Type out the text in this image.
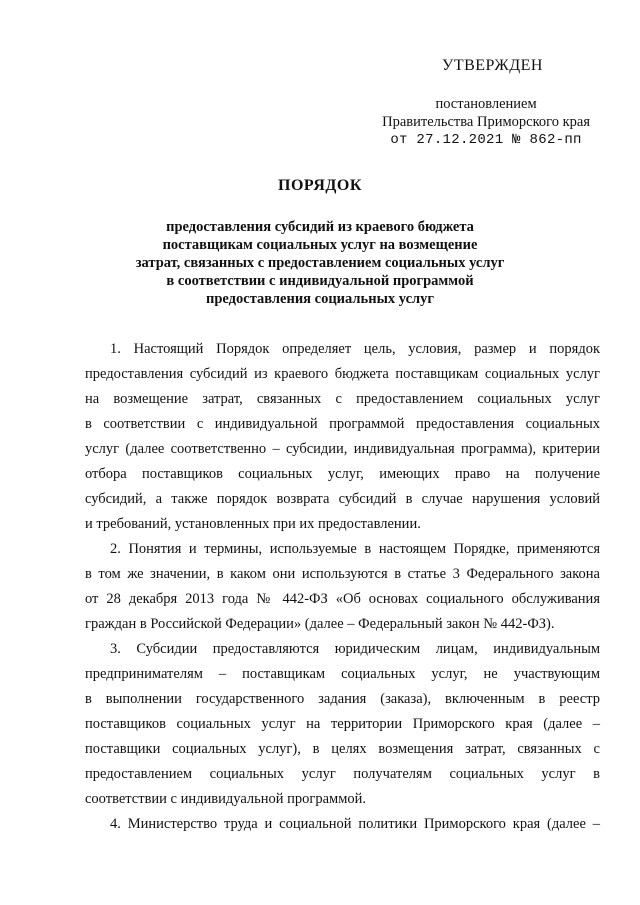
УТВЕРЖДЕН
постановлением
Правительства Приморского края
от 27.12.2021 № 862-пп
ПОРЯДОК
предоставления субсидий из краевого бюджета
поставщикам социальных услуг на возмещение
затрат, связанных с предоставлением социальных услуг
в соответствии с индивидуальной программой
предоставления социальных услуг
1. Настоящий Порядок определяет цель, условия, размер и порядок
предоставления субсидий из краевого бюджета поставщикам социальных услуг
на возмещение затрат, связанных с предоставлением социальных услуг
в соответствии с индивидуальной программой предоставления социальных
услуг (далее соответственно – субсидии, индивидуальная программа), критерии
отбора поставщиков социальных услуг, имеющих право на получение
субсидий, а также порядок возврата субсидий в случае нарушения условий
и требований, установленных при их предоставлении.
2. Понятия и термины, используемые в настоящем Порядке, применяются
в том же значении, в каком они используются в статье 3 Федерального закона
от 28 декабря 2013 года № 442-ФЗ «Об основах социального обслуживания
граждан в Российской Федерации» (далее – Федеральный закон № 442-ФЗ).
3. Субсидии предоставляются юридическим лицам, индивидуальным
предпринимателям – поставщикам социальных услуг, не участвующим
в выполнении государственного задания (заказа), включенным в реестр
поставщиков социальных услуг на территории Приморского края (далее –
поставщики социальных услуг), в целях возмещения затрат, связанных с
предоставлением социальных услуг получателям социальных услуг в
соответствии с индивидуальной программой.
4. Министерство труда и социальной политики Приморского края (далее –
